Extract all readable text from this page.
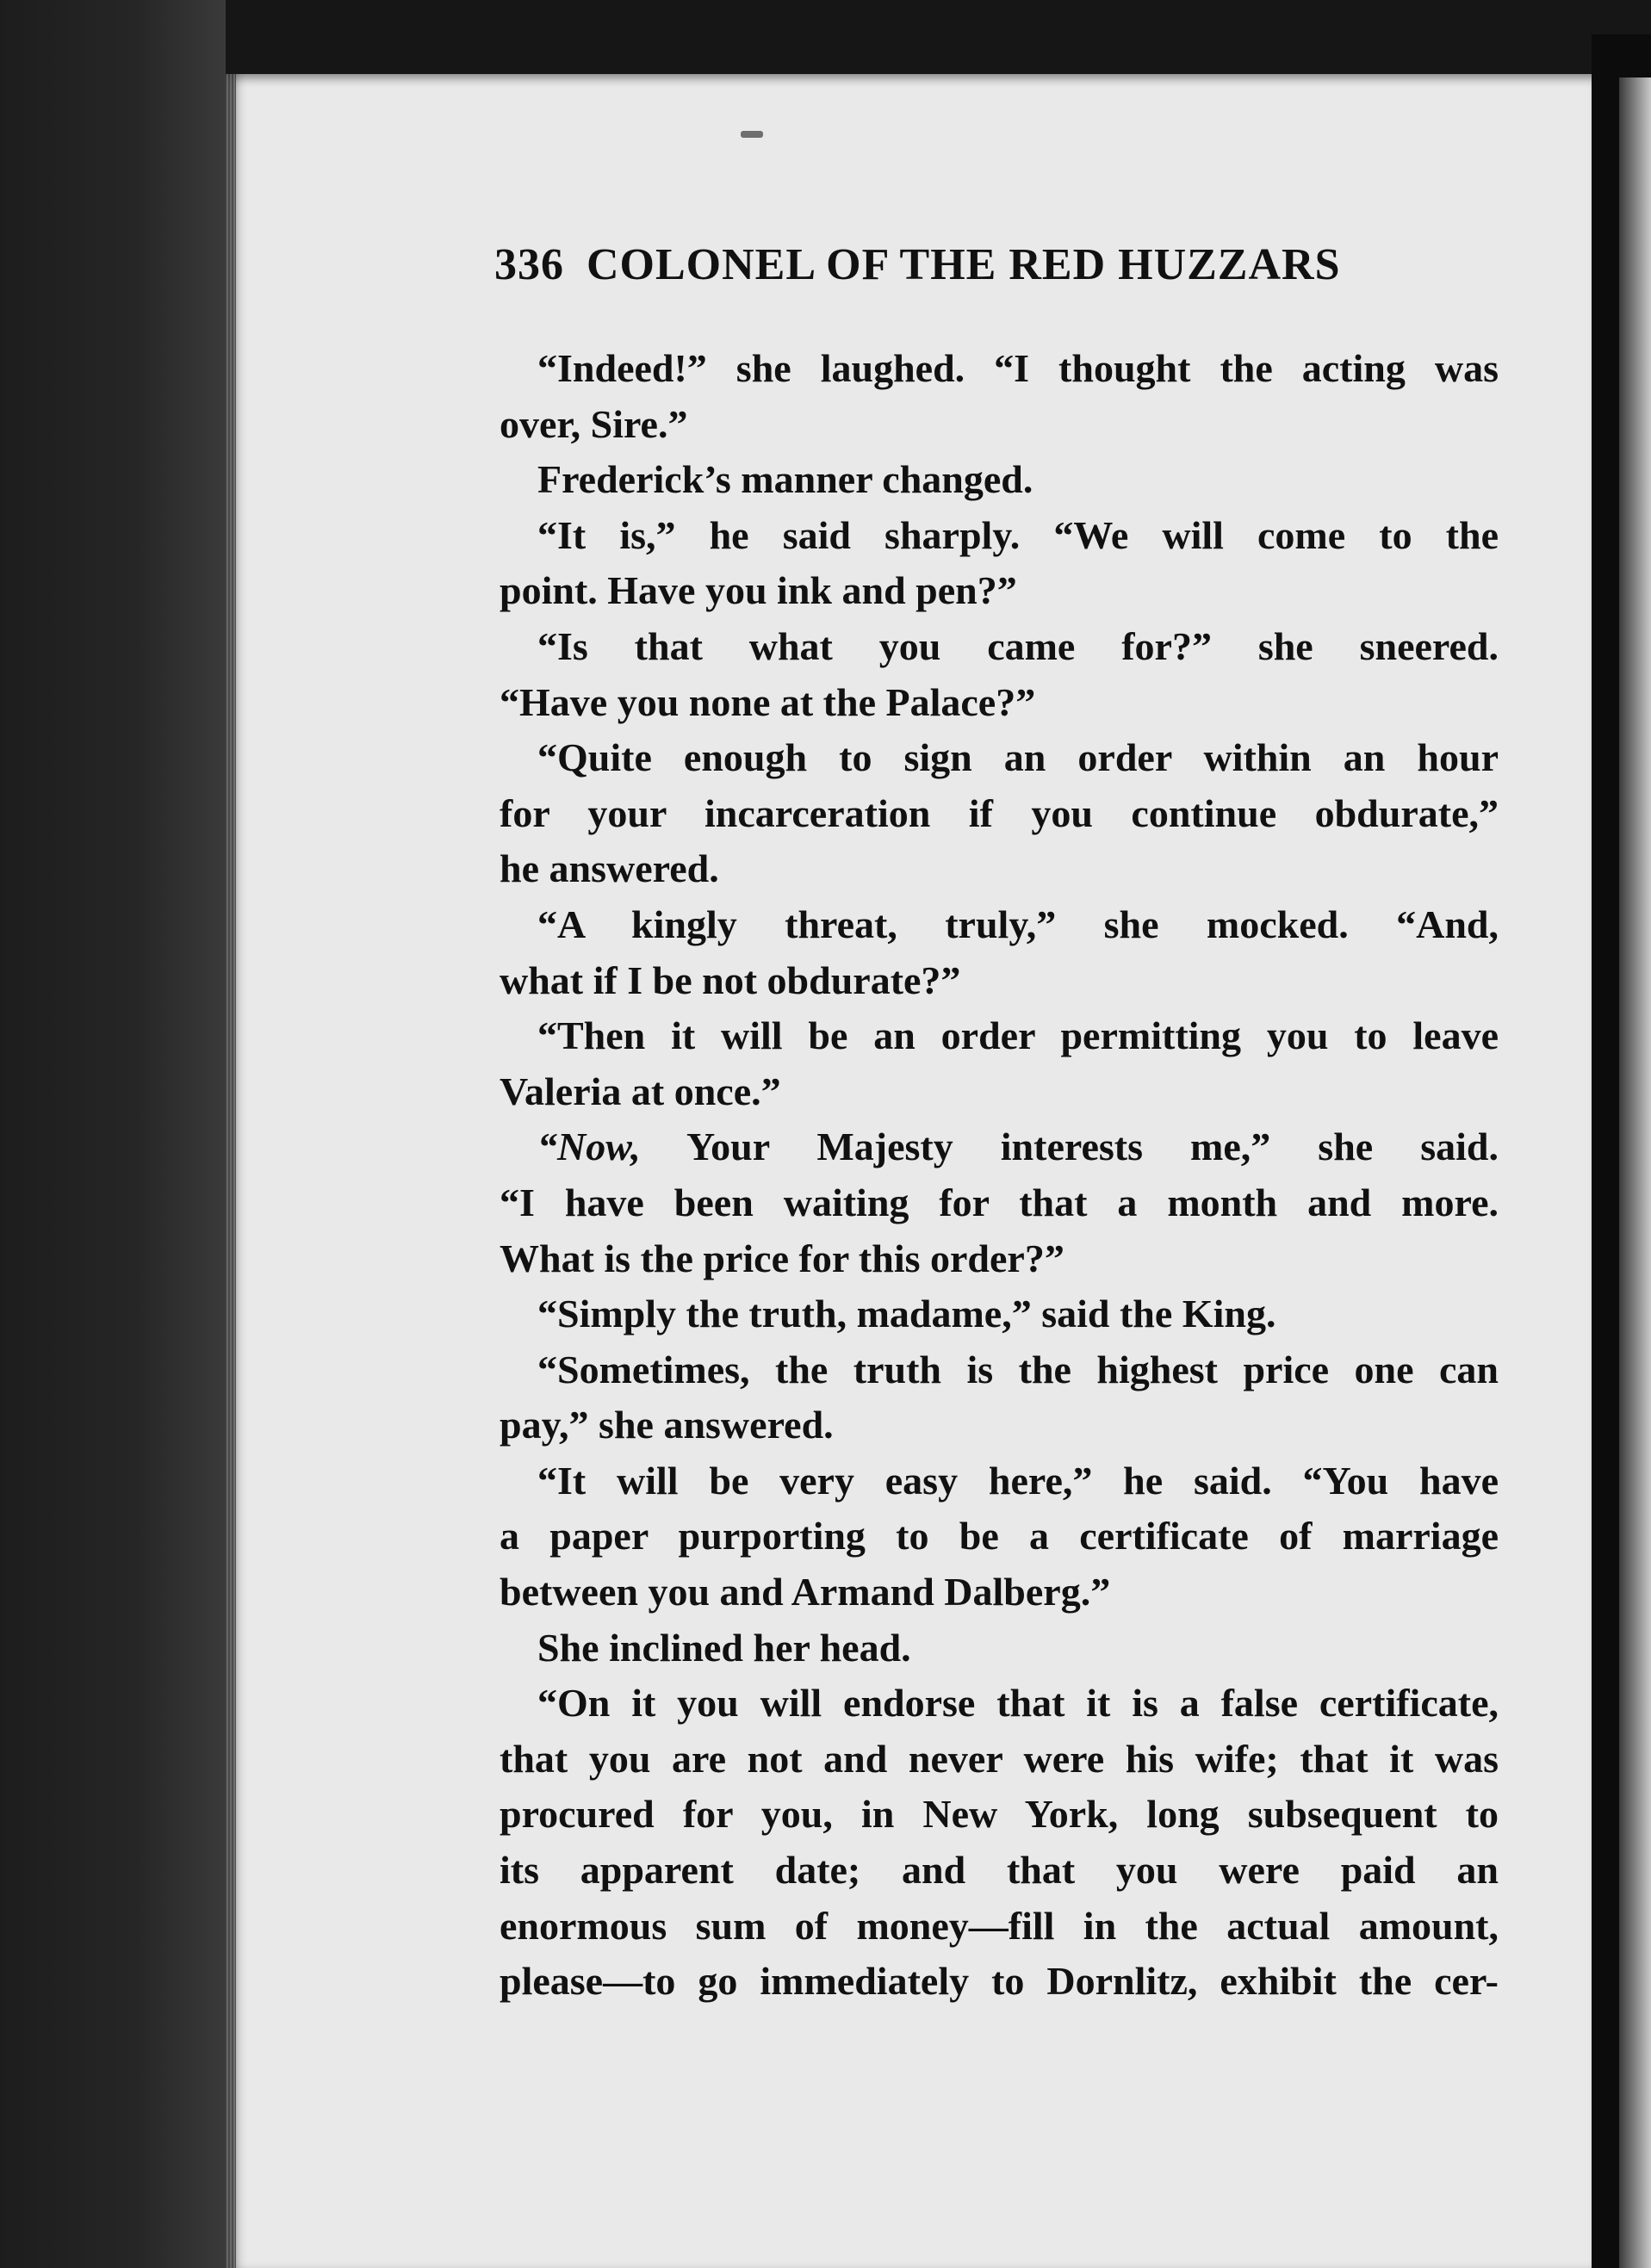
336 COLONEL OF THE RED HUZZARS
“Indeed!” she laughed. “I thought the acting was
over, Sire.”
Frederick’s manner changed.
“It is,” he said sharply. “We will come to the
point. Have you ink and pen?”
“Is that what you came for?” she sneered.
“Have you none at the Palace?”
“Quite enough to sign an order within an hour
for your incarceration if you continue obdurate,”
he answered.
“A kingly threat, truly,” she mocked. “And,
what if I be not obdurate?”
“Then it will be an order permitting you to leave
Valeria at once.”
“Now, Your Majesty interests me,” she said.
“I have been waiting for that a month and more.
What is the price for this order?”
“Simply the truth, madame,” said the King.
“Sometimes, the truth is the highest price one can
pay,” she answered.
“It will be very easy here,” he said. “You have
a paper purporting to be a certificate of marriage
between you and Armand Dalberg.”
She inclined her head.
“On it you will endorse that it is a false certificate,
that you are not and never were his wife; that it was
procured for you, in New York, long subsequent to
its apparent date; and that you were paid an
enormous sum of money—fill in the actual amount,
please—to go immediately to Dornlitz, exhibit the cer-
